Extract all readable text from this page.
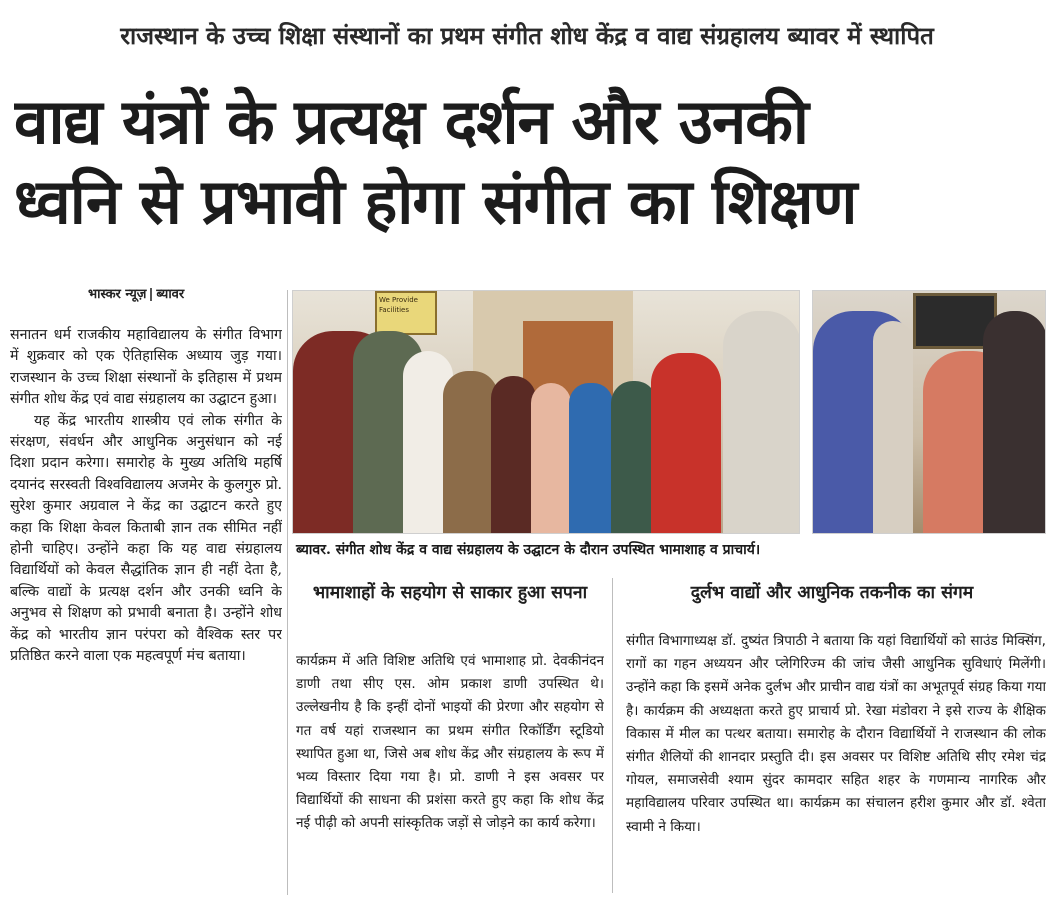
राजस्थान के उच्च शिक्षा संस्थानों का प्रथम संगीत शोध केंद्र व वाद्य संग्रहालय ब्यावर में स्थापित
वाद्य यंत्रों के प्रत्यक्ष दर्शन और उनकी
ध्वनि से प्रभावी होगा संगीत का शिक्षण
भास्कर न्यूज़ ब्यावर

सनातन धर्म राजकीय महाविद्यालय के संगीत विभाग में शुक्रवार को एक ऐतिहासिक अध्याय जुड़ गया। राजस्थान के उच्च शिक्षा संस्थानों के इतिहास में प्रथम संगीत शोध केंद्र एवं वाद्य संग्रहालय का उद्घाटन हुआ।

यह केंद्र भारतीय शास्त्रीय एवं लोक संगीत के संरक्षण, संवर्धन और आधुनिक अनुसंधान को नई दिशा प्रदान करेगा। समारोह के मुख्य अतिथि महर्षि दयानंद सरस्वती विश्वविद्यालय अजमेर के कुलगुरु प्रो. सुरेश कुमार अग्रवाल ने केंद्र का उद्घाटन करते हुए कहा कि शिक्षा केवल किताबी ज्ञान तक सीमित नहीं होनी चाहिए। उन्होंने कहा कि यह वाद्य संग्रहालय विद्यार्थियों को केवल सैद्धांतिक ज्ञान ही नहीं देता है, बल्कि वाद्यों के प्रत्यक्ष दर्शन और उनकी ध्वनि के अनुभव से शिक्षण को प्रभावी बनाता है। उन्होंने शोध केंद्र को भारतीय ज्ञान परंपरा को वैश्विक स्तर पर प्रतिष्ठित करने वाला एक महत्वपूर्ण मंच बताया।

We Provide Facilities
ब्यावर. संगीत शोध केंद्र व वाद्य संग्रहालय के उद्घाटन के दौरान उपस्थित भामाशाह व प्राचार्य।
भामाशाहों के सहयोग से साकार हुआ सपना	दुर्लभ वाद्यों और आधुनिक तकनीक का संगम
कार्यक्रम में अति विशिष्ट अतिथि एवं भामाशाह प्रो. देवकीनंदन डाणी तथा सीए एस. ओम प्रकाश डाणी उपस्थित थे। उल्लेखनीय है कि इन्हीं दोनों भाइयों की प्रेरणा और सहयोग से गत वर्ष यहां राजस्थान का प्रथम संगीत रिकॉर्डिंग स्टूडियो स्थापित हुआ था, जिसे अब शोध केंद्र और संग्रहालय के रूप में भव्य विस्तार दिया गया है। प्रो. डाणी ने इस अवसर पर विद्यार्थियों की साधना की प्रशंसा करते हुए कहा कि शोध केंद्र नई पीढ़ी को अपनी सांस्कृतिक जड़ों से जोड़ने का कार्य करेगा।
संगीत विभागाध्यक्ष डॉ. दुष्यंत त्रिपाठी ने बताया कि यहां विद्यार्थियों को साउंड मिक्सिंग, रागों का गहन अध्ययन और प्लेगिरिज्म की जांच जैसी आधुनिक सुविधाएं मिलेंगी। उन्होंने कहा कि इसमें अनेक दुर्लभ और प्राचीन वाद्य यंत्रों का अभूतपूर्व संग्रह किया गया है। कार्यक्रम की अध्यक्षता करते हुए प्राचार्य प्रो. रेखा मंडोवरा ने इसे राज्य के शैक्षिक विकास में मील का पत्थर बताया। समारोह के दौरान विद्यार्थियों ने राजस्थान की लोक संगीत शैलियों की शानदार प्रस्तुति दी। इस अवसर पर विशिष्ट अतिथि सीए रमेश चंद्र गोयल, समाजसेवी श्याम सुंदर कामदार सहित शहर के गणमान्य नागरिक और महाविद्यालय परिवार उपस्थित था। कार्यक्रम का संचालन हरीश कुमार और डॉ. श्वेता स्वामी ने किया।
